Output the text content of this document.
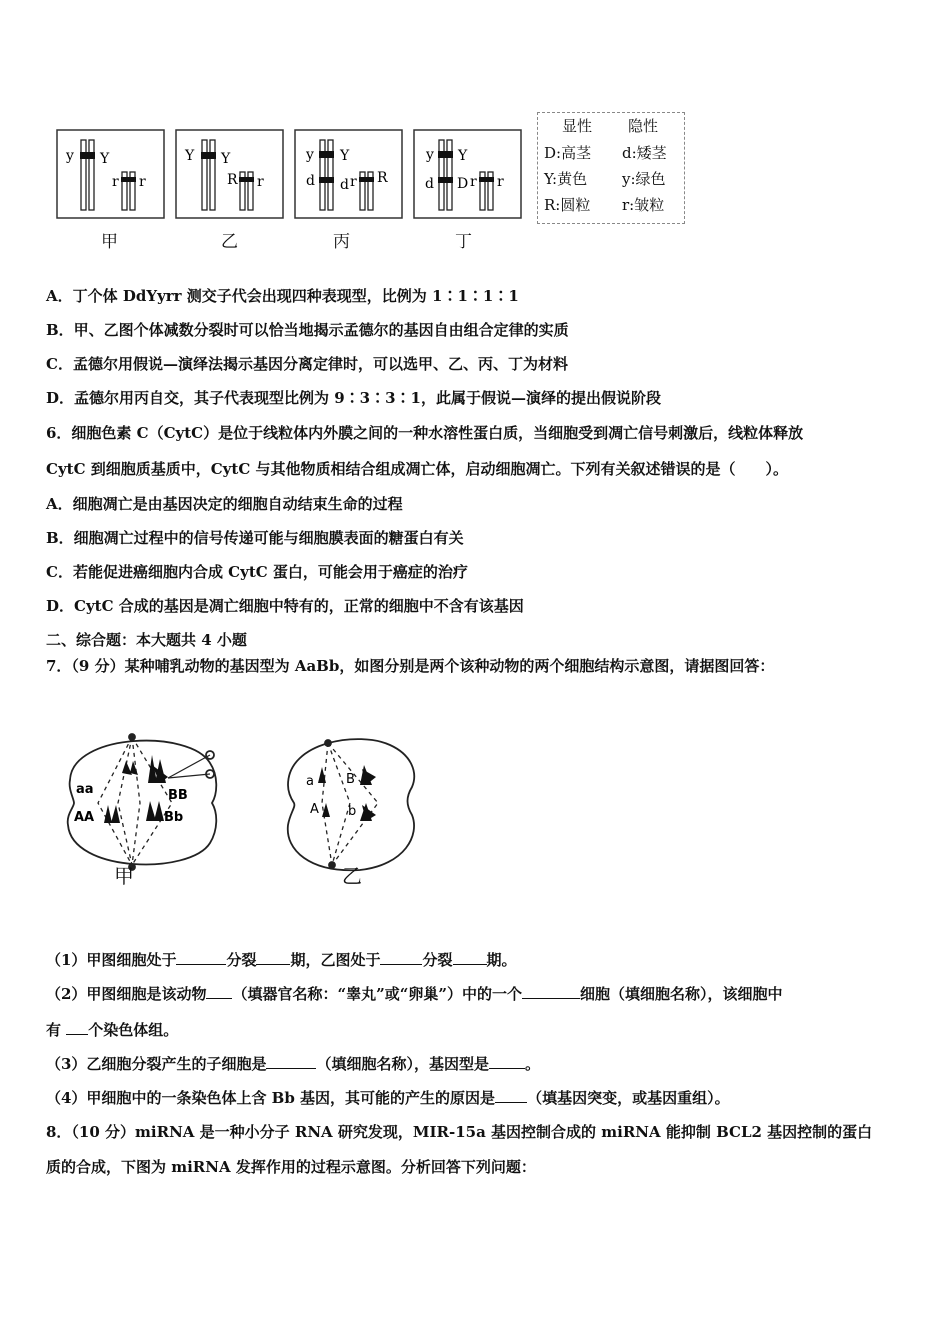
y Y
r r
Y Y
R r
y Y
d d r R
y Y
d D r r
甲	乙	丙	丁
显性 隐性
D:高茎 d:矮茎
Y:黄色 y:绿色
R:圆粒 r:皱粒
A．丁个体 DdYyrr 测交子代会出现四种表现型，比例为 1∶1∶1∶1
B．甲、乙图个体减数分裂时可以恰当地揭示孟德尔的基因自由组合定律的实质
C．孟德尔用假说—演绎法揭示基因分离定律时，可以选甲、乙、丙、丁为材料
D．孟德尔用丙自交，其子代表现型比例为 9∶3∶3∶1，此属于假说—演绎的提出假说阶段
6．细胞色素 C（CytC）是位于线粒体内外膜之间的一种水溶性蛋白质，当细胞受到凋亡信号刺激后，线粒体释放
CytC 到细胞质基质中，CytC 与其他物质相结合组成凋亡体，启动细胞凋亡。下列有关叙述错误的是（　　）。
A．细胞凋亡是由基因决定的细胞自动结束生命的过程
B．细胞凋亡过程中的信号传递可能与细胞膜表面的糖蛋白有关
C．若能促进癌细胞内合成 CytC 蛋白，可能会用于癌症的治疗
D．CytC 合成的基因是凋亡细胞中特有的，正常的细胞中不含有该基因
二、综合题：本大题共 4 小题
7．（9 分）某种哺乳动物的基因型为 AaBb，如图分别是两个该种动物的两个细胞结构示意图，请据图回答：
aa
AA
BB
Bb
a
A
B
b
甲	乙
（1）甲图细胞处于	分裂 期，乙图处于	分裂 期。
（2）甲图细胞是该动物 （填器官名称：“睾丸”或“卵巢”）中的一个	细胞（填细胞名称），该细胞中
有 个染色体组。
（3）乙细胞分裂产生的子细胞是	（填细胞名称），基因型是 。
（4）甲细胞中的一条染色体上含 Bb 基因，其可能的产生的原因是 （填基因突变，或基因重组）。
8．（10 分）miRNA 是一种小分子 RNA 研究发现，MIR-15a 基因控制合成的 miRNA 能抑制 BCL2 基因控制的蛋白
质的合成，下图为 miRNA 发挥作用的过程示意图。分析回答下列问题：
